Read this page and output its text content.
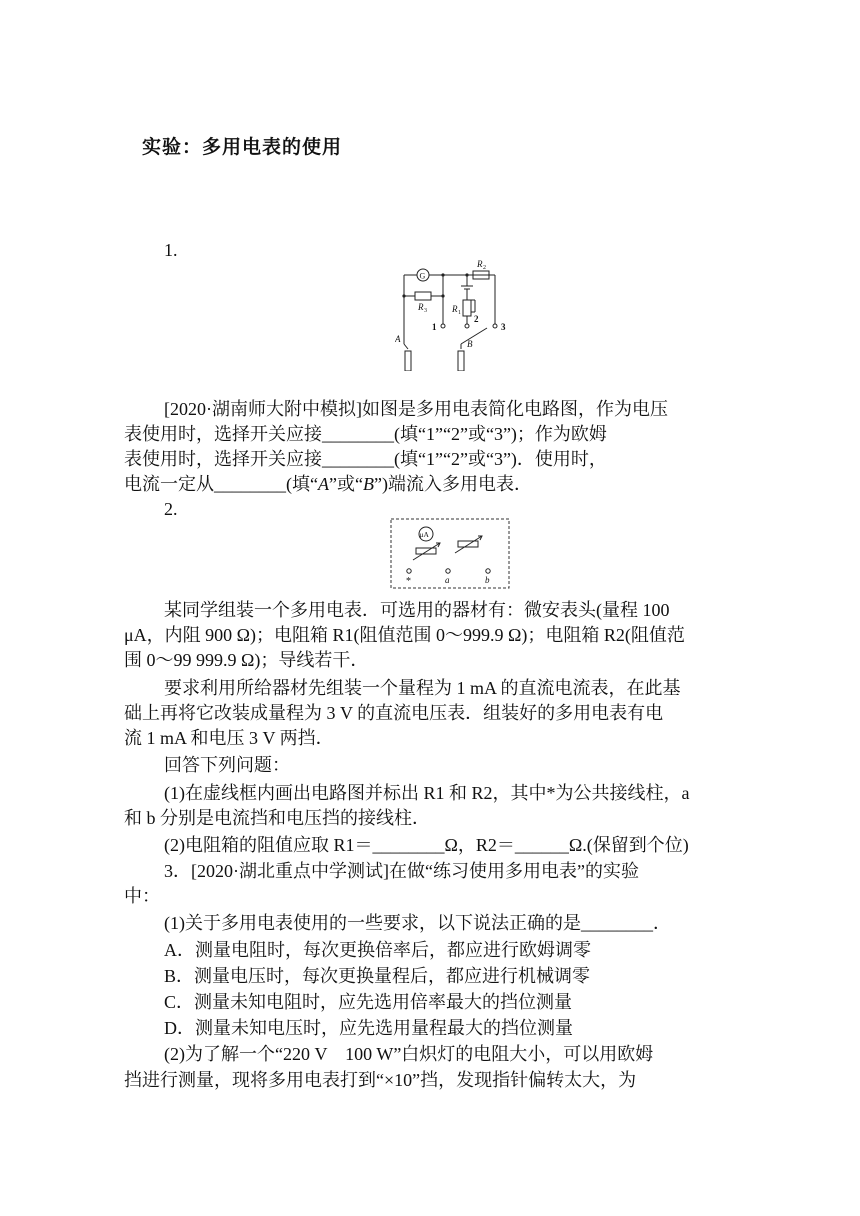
实验：多用电表的使用
1.
G
R 2
R 3	R 1
1
2
3
A	B
[2020·湖南师大附中模拟]如图是多用电表简化电路图，作为电压
表使用时，选择开关应接________(填“1”“2”或“3”)；作为欧姆
表使用时，选择开关应接________(填“1”“2”或“3”)．使用时，
电流一定从________(填“A”或“B”)端流入多用电表．
2.
μA
*	a	b
某同学组装一个多用电表．可选用的器材有：微安表头(量程 100
μA，内阻 900 Ω)；电阻箱 R1(阻值范围 0～999.9 Ω)；电阻箱 R2(阻值范
围 0～99 999.9 Ω)；导线若干．
要求利用所给器材先组装一个量程为 1 mA 的直流电流表，在此基
础上再将它改装成量程为 3 V 的直流电压表．组装好的多用电表有电
流 1 mA 和电压 3 V 两挡．
回答下列问题：
(1)在虚线框内画出电路图并标出 R1 和 R2，其中*为公共接线柱，a
和 b 分别是电流挡和电压挡的接线柱．
(2)电阻箱的阻值应取 R1＝________Ω，R2＝______Ω.(保留到个位)
3．[2020·湖北重点中学测试]在做“练习使用多用电表”的实验
中：
(1)关于多用电表使用的一些要求，以下说法正确的是________．
A．测量电阻时，每次更换倍率后，都应进行欧姆调零
B．测量电压时，每次更换量程后，都应进行机械调零
C．测量未知电阻时，应先选用倍率最大的挡位测量
D．测量未知电压时，应先选用量程最大的挡位测量
(2)为了解一个“220 V　100 W”白炽灯的电阻大小，可以用欧姆
挡进行测量，现将多用电表打到“×10”挡，发现指针偏转太大，为
